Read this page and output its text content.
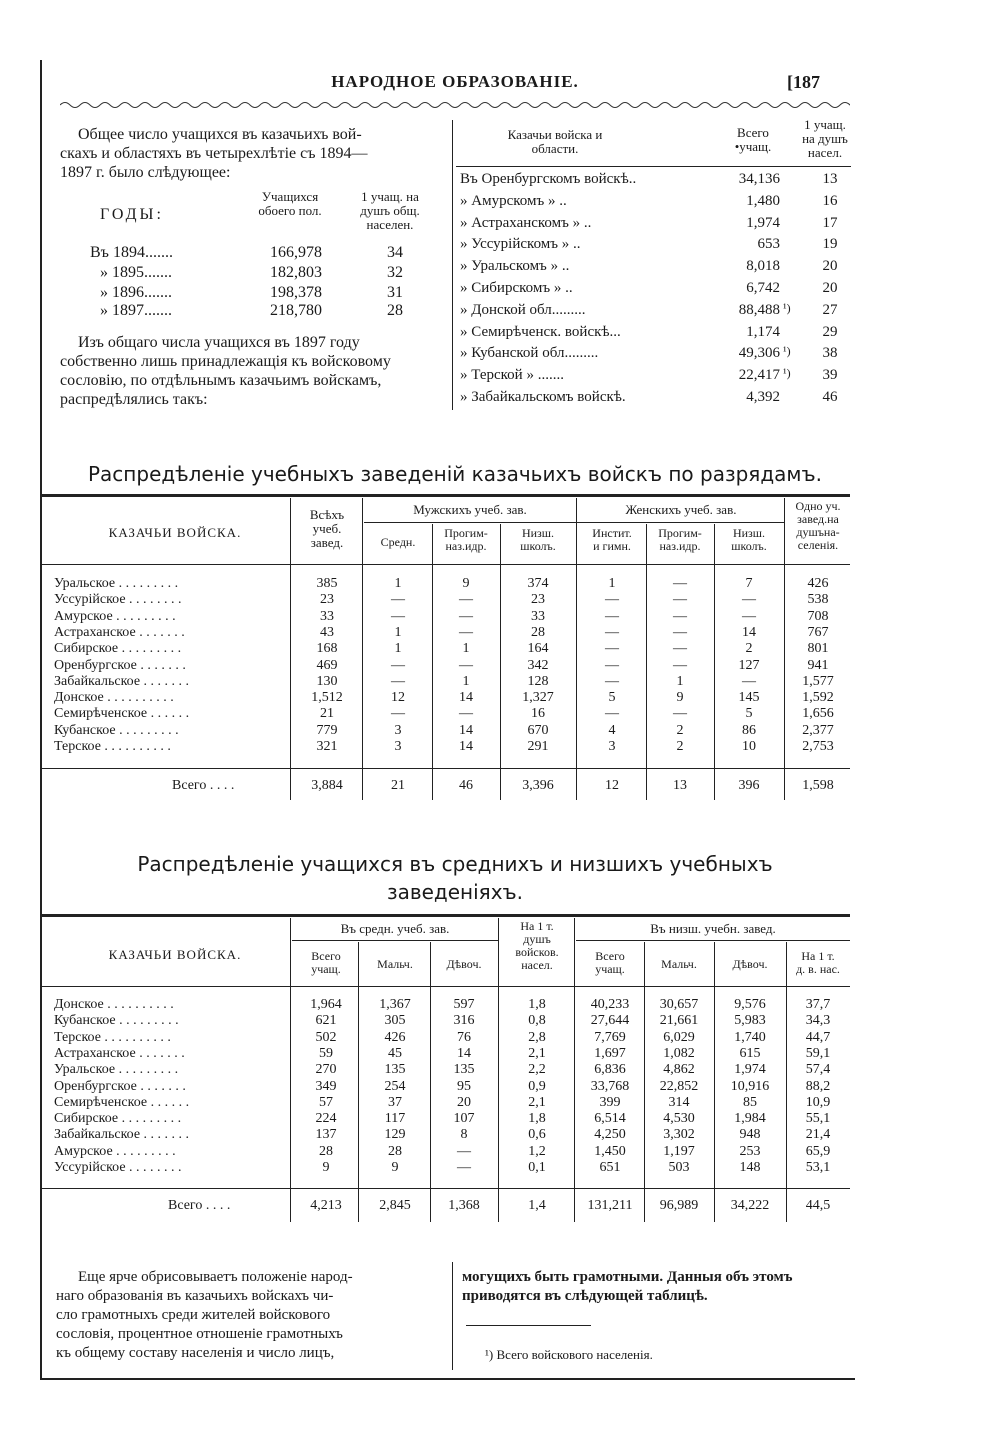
НАРОДНОЕ ОБРАЗОВАНІЕ.	[187
Общее число учащихся въ казачьихъ вой-
скахъ и областяхъ въ четырехлѣтіе съ 1894—
1897 г. было слѣдующее:
ГОДЫ:
Учащихся
обоего пол.
1 учащ. на
душъ общ.
населен.
Въ 1894.......	166,978	34
» 1895.......	182,803	32
» 1896.......	198,378	31
» 1897.......	218,780	28
Изъ общаго числа учащихся въ 1897 году
собственно лишь принадлежащія къ войсковому
сословію, по отдѣльнымъ казачьимъ войскамъ,
распредѣлялись такъ:
Казачьи войска и
области.
Всего
•учащ.
1 учащ.
на душъ
насел.
Въ Оренбургскомъ войскѣ..	34,136	13
» Амурскомъ » ..	1,480	16
» Астраханскомъ » ..	1,974	17
» Уссурійскомъ » ..	653	19
» Уральскомъ » ..	8,018	20
» Сибирскомъ » ..	6,742	20
» Донской обл.........	88,488 ¹)	27
» Семирѣченск. войскѣ...	1,174	29
» Кубанской обл.........	49,306 ¹)	38
» Терской » .......	22,417 ¹)	39
» Забайкальскомъ войскѣ.	4,392	46
Распредѣленіе учебныхъ заведеній казачьихъ войскъ по разрядамъ.
КАЗАЧЬИ ВОЙСКА.
Всѣхъ
учеб.
завед.
Мужскихъ учеб. зав.	Женскихъ учеб. зав.	Одно уч.
завед.на
душъна-
селенія.
Средн.
Прогим-
наз.идр.
Низш.
школъ.
Инстит.
и гимн.
Прогим-
наз.идр.
Низш.
школъ.
Уральское . . . . . . . . .	385	1	9	374	1	—	7	426
Уссурійское . . . . . . . .	23	—	—	23	—	—	—	538
Амурское . . . . . . . . .	33	—	—	33	—	—	—	708
Астраханское . . . . . . .	43	1	—	28	—	—	14	767
Сибирское . . . . . . . . .	168	1	1	164	—	—	2	801
Оренбургское . . . . . . .	469	—	—	342	—	—	127	941
Забайкальское . . . . . . .	130	—	1	128	—	1	—	1,577
Донское . . . . . . . . . .	1,512	12	14	1,327	5	9	145	1,592
Семирѣченское . . . . . .	21	—	—	16	—	—	5	1,656
Кубанское . . . . . . . . .	779	3	14	670	4	2	86	2,377
Терское . . . . . . . . . .	321	3	14	291	3	2	10	2,753
Всего . . . .	3,884	21	46	3,396	12	13	396	1,598
Распредѣленіе учащихся въ среднихъ и низшихъ учебныхъ
заведеніяхъ.
КАЗАЧЬИ ВОЙСКА.
Въ средн. учеб. зав.	На 1 т.
душъ
войсков.
насел.
Въ низш. учебн. завед.
Всего
учащ.	Мальч.	Дѣвоч.
Всего
учащ.	Мальч.	Дѣвоч.
На 1 т.
д. в. нас.
Донское . . . . . . . . . .	1,964	1,367	597	1,8	40,233	30,657	9,576	37,7
Кубанское . . . . . . . . .	621	305	316	0,8	27,644	21,661	5,983	34,3
Терское . . . . . . . . . .	502	426	76	2,8	7,769	6,029	1,740	44,7
Астраханское . . . . . . .	59	45	14	2,1	1,697	1,082	615	59,1
Уральское . . . . . . . . .	270	135	135	2,2	6,836	4,862	1,974	57,4
Оренбургское . . . . . . .	349	254	95	0,9	33,768	22,852	10,916	88,2
Семирѣченское . . . . . .	57	37	20	2,1	399	314	85	10,9
Сибирское . . . . . . . . .	224	117	107	1,8	6,514	4,530	1,984	55,1
Забайкальское . . . . . . .	137	129	8	0,6	4,250	3,302	948	21,4
Амурское . . . . . . . . .	28	28	—	1,2	1,450	1,197	253	65,9
Уссурійское . . . . . . . .	9	9	—	0,1	651	503	148	53,1
Всего . . . .	4,213	2,845	1,368	1,4	131,211	96,989	34,222	44,5
Еще ярче обрисовываетъ положеніе народ-
наго образованія въ казачьихъ войскахъ чи-
сло грамотныхъ среди жителей войскового
сословія, процентное отношеніе грамотныхъ
къ общему составу населенія и число лицъ,
могущихъ быть грамотными. Данныя объ этомъ
приводятся въ слѣдующей таблицѣ.
¹) Всего войскового населенія.
